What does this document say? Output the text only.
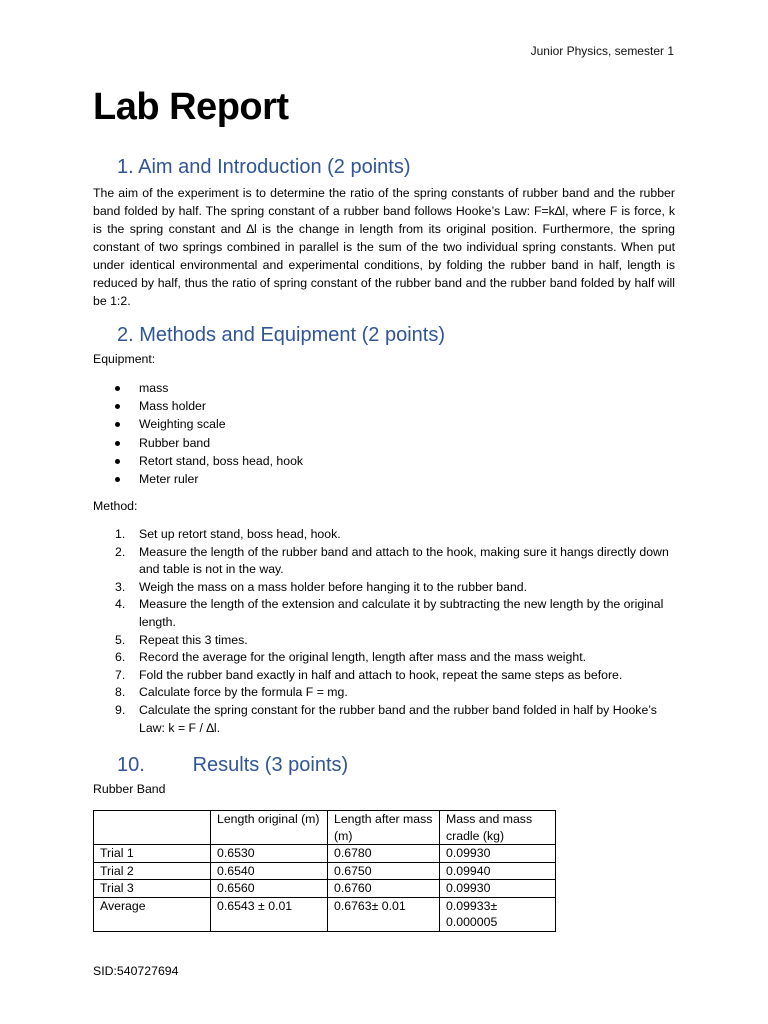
Junior Physics, semester 1
Lab Report
1. Aim and Introduction (2 points)

The aim of the experiment is to determine the ratio of the spring constants of rubber band and the rubber band folded by half. The spring constant of a rubber band follows Hooke’s Law: F=k∆l, where F is force, k is the spring constant and ∆l is the change in length from its original position. Furthermore, the spring constant of two springs combined in parallel is the sum of the two individual spring constants. When put under identical environmental and experimental conditions, by folding the rubber band in half, length is reduced by half, thus the ratio of spring constant of the rubber band and the rubber band folded by half will be 1:2.

2. Methods and Equipment (2 points)

Equipment:

mass
Mass holder
Weighting scale
Rubber band
Retort stand, boss head, hook
Meter ruler

Method:

1. Set up retort stand, boss head, hook.
2. Measure the length of the rubber band and attach to the hook, making sure it hangs directly down and table is not in the way.
3. Weigh the mass on a mass holder before hanging it to the rubber band.
4. Measure the length of the extension and calculate it by subtracting the new length by the original length.
5. Repeat this 3 times.
6. Record the average for the original length, length after mass and the mass weight.
7. Fold the rubber band exactly in half and attach to hook, repeat the same steps as before.
8. Calculate force by the formula F = mg.
9. Calculate the spring constant for the rubber band and the rubber band folded in half by Hooke’s Law: k = F / ∆l.
10. Results (3 points)

Rubber Band

	Length original (m)	Length after mass (m)	Mass and mass cradle (kg)
Trial 1	0.6530	0.6780	0.09930
Trial 2	0.6540	0.6750	0.09940
Trial 3	0.6560	0.6760	0.09930
Average	0.6543 ± 0.01	0.6763± 0.01	0.09933± 0.000005
SID:540727694
